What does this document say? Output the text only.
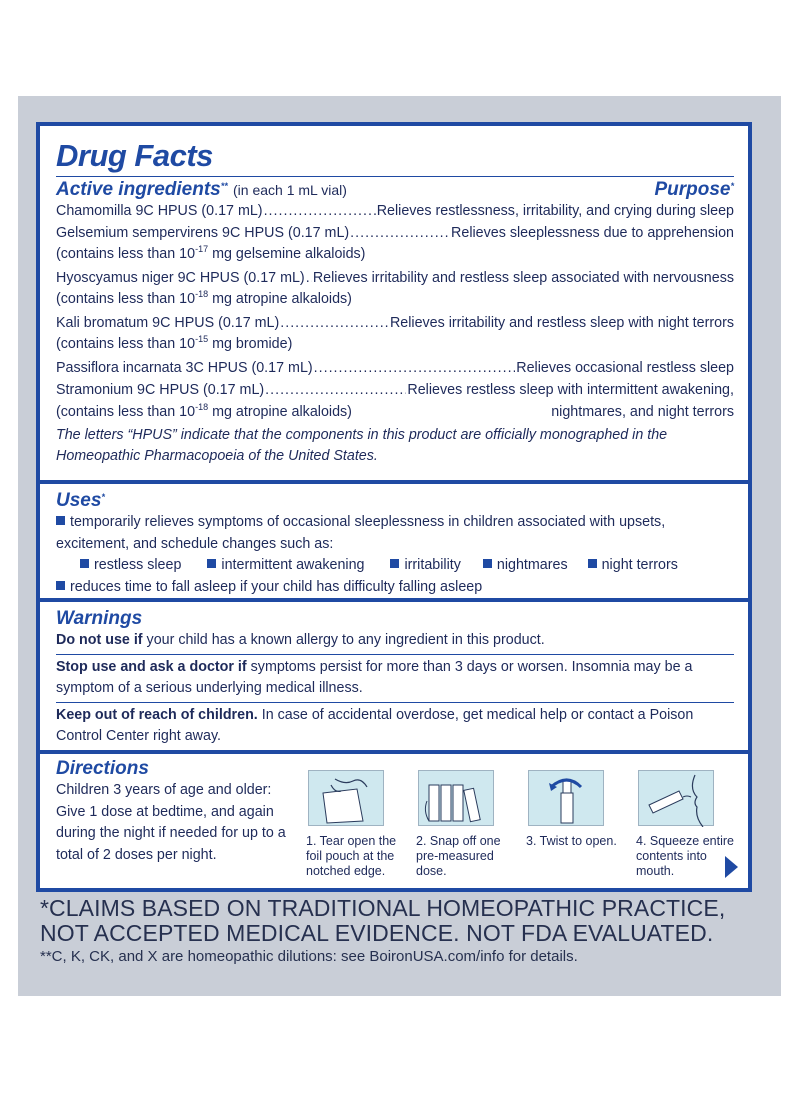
Drug Facts
Active ingredients** (in each 1 mL vial)	Purpose*
Chamomilla 9C HPUS (0.17 mL) .....	Relieves restlessness, irritability, and crying during sleep
Gelsemium sempervirens 9C HPUS (0.17 mL) .....	Relieves sleeplessness due to apprehension
(contains less than $10^{-17}$ mg gelsemine alkaloids)
Hyoscyamus niger 9C HPUS (0.17 mL) ..... Relieves irritability and restless sleep associated with nervousness
(contains less than $10^{-18}$ mg atropine alkaloids)
Kali bromatum 9C HPUS (0.17 mL) .....	Relieves irritability and restless sleep with night terrors
(contains less than $10^{-15}$ mg bromide)
Passiflora incarnata 3C HPUS (0.17 mL) .....	Relieves occasional restless sleep
Stramonium 9C HPUS (0.17 mL) .....	Relieves restless sleep with intermittent awakening,
(contains less than $10^{-18}$ mg atropine alkaloids)	nightmares, and night terrors
The letters “HPUS” indicate that the components in this product are officially monographed in the Homeopathic Pharmacopoeia of the United States.
Uses*
temporarily relieves symptoms of occasional sleeplessness in children associated with upsets,
excitement, and schedule changes such as:
restless sleep	intermittent awakening	irritability	nightmares	night terrors
reduces time to fall asleep if your child has difficulty falling asleep
Warnings
Do not use if your child has a known allergy to any ingredient in this product.
Stop use and ask a doctor if symptoms persist for more than 3 days or worsen. Insomnia may be a symptom of a serious underlying medical illness.
Keep out of reach of children. In case of accidental overdose, get medical help or contact a Poison Control Center right away.
Directions
Children 3 years of age and older: Give 1 dose at bedtime, and again during the night if needed for up to a total of 2 doses per night.
1. Tear open the foil pouch at the notched edge.
2. Snap off one pre-measured dose.
3. Twist to open.	4. Squeeze entire contents into mouth.
*CLAIMS BASED ON TRADITIONAL HOMEOPATHIC PRACTICE, NOT ACCEPTED MEDICAL EVIDENCE. NOT FDA EVALUATED.
**C, K, CK, and X are homeopathic dilutions: see BoironUSA.com/info for details.
